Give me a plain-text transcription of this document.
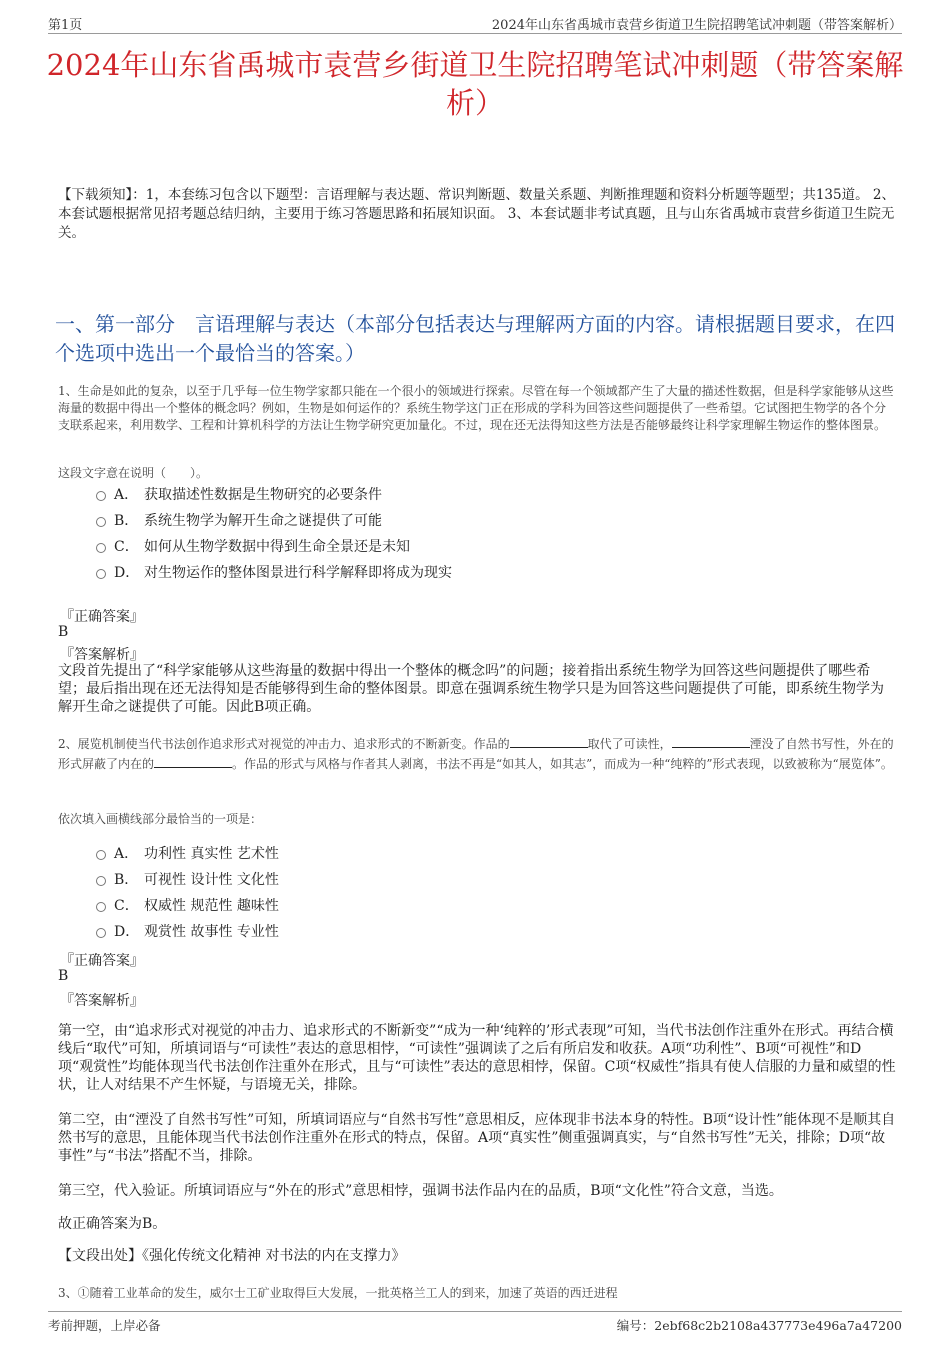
第1页	2024年山东省禹城市袁营乡街道卫生院招聘笔试冲刺题（带答案解析）
2024年山东省禹城市袁营乡街道卫生院招聘笔试冲刺题（带答案解析）

【下载须知】：1，本套练习包含以下题型：言语理解与表达题、常识判断题、数量关系题、判断推理题和资料分析题等题型；共135道。 2、本套试题根据常见招考题总结归纳，主要用于练习答题思路和拓展知识面。 3、本套试题非考试真题，且与山东省禹城市袁营乡街道卫生院无关。

一、第一部分　言语理解与表达（本部分包括表达与理解两方面的内容。请根据题目要求，在四个选项中选出一个最恰当的答案。）

1、生命是如此的复杂，以至于几乎每一位生物学家都只能在一个很小的领域进行探索。尽管在每一个领域都产生了大量的描述性数据，但是科学家能够从这些海量的数据中得出一个整体的概念吗？例如，生物是如何运作的？系统生物学这门正在形成的学科为回答这些问题提供了一些希望。它试图把生物学的各个分支联系起来，利用数学、工程和计算机科学的方法让生物学研究更加量化。不过，现在还无法得知这些方法是否能够最终让科学家理解生物运作的整体图景。

这段文字意在说明（　　）。

A． 获取描述性数据是生物研究的必要条件
B． 系统生物学为解开生命之谜提供了可能
C． 如何从生物学数据中得到生命全景还是未知
D． 对生物运作的整体图景进行科学解释即将成为现实
『正确答案』
B
『答案解析』

文段首先提出了“科学家能够从这些海量的数据中得出一个整体的概念吗”的问题；接着指出系统生物学为回答这些问题提供了哪些希望；最后指出现在还无法得知是否能够得到生命的整体图景。即意在强调系统生物学只是为回答这些问题提供了可能，即系统生物学为解开生命之谜提供了可能。因此B项正确。

2、展览机制使当代书法创作追求形式对视觉的冲击力、追求形式的不断新变。作品的	取代了可读性，	湮没了自然书写性，外在的形式屏蔽了内在的	。作品的形式与风格与作者其人剥离，书法不再是“如其人，如其志”，而成为一种“纯粹的”形式表现，以致被称为“展览体”。

依次填入画横线部分最恰当的一项是：

A． 功利性 真实性 艺术性
B． 可视性 设计性 文化性
C． 权威性 规范性 趣味性
D． 观赏性 故事性 专业性
『正确答案』
B
『答案解析』

第一空，由“追求形式对视觉的冲击力、追求形式的不断新变”“成为一种‘纯粹的’形式表现”可知，当代书法创作注重外在形式。再结合横线后“取代”可知，所填词语与“可读性”表达的意思相悖，“可读性”强调读了之后有所启发和收获。A项“功利性”、B项“可视性”和D项“观赏性”均能体现当代书法创作注重外在形式，且与“可读性”表达的意思相悖，保留。C项“权威性”指具有使人信服的力量和威望的性状，让人对结果不产生怀疑，与语境无关，排除。

第二空，由“湮没了自然书写性”可知，所填词语应与“自然书写性”意思相反，应体现非书法本身的特性。B项“设计性”能体现不是顺其自然书写的意思，且能体现当代书法创作注重外在形式的特点，保留。A项“真实性”侧重强调真实，与“自然书写性”无关，排除；D项“故事性”与“书法”搭配不当，排除。

第三空，代入验证。所填词语应与“外在的形式”意思相悖，强调书法作品内在的品质，B项“文化性”符合文意，当选。

故正确答案为B。

【文段出处】《强化传统文化精神 对书法的内在支撑力》

3、①随着工业革命的发生，威尔士工矿业取得巨大发展，一批英格兰工人的到来，加速了英语的西迁进程

考前押题，上岸必备	编号：2ebf68c2b2108a437773e496a7a47200
